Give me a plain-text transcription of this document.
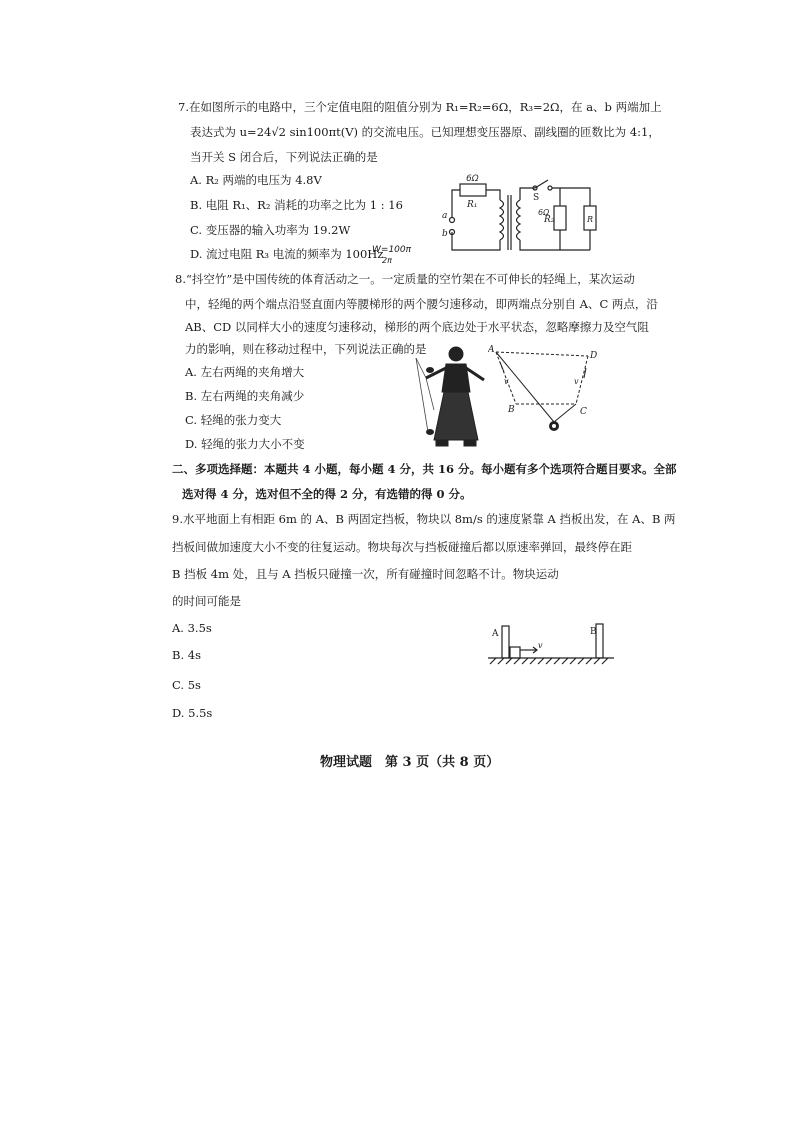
7.在如图所示的电路中，三个定值电阻的阻值分别为 R₁=R₂=6Ω，R₃=2Ω，在 a、b 两端加上
表达式为 u=24√2 sin100πt(V) 的交流电压。已知理想变压器原、副线圈的匝数比为 4:1，
当开关 S 闭合后，下列说法正确的是
A. R₂ 两端的电压为 4.8V
B. 电阻 R₁、R₂ 消耗的功率之比为 1 : 16
C. 变压器的输入功率为 19.2W
D. 流过电阻 R₃ 电流的频率为 100Hz
R₁
R₂	R
S
a
b
6Ω
6Ω
W=100π
2π
8.“抖空竹”是中国传统的体育活动之一。一定质量的空竹架在不可伸长的轻绳上，某次运动
中，轻绳的两个端点沿竖直面内等腰梯形的两个腰匀速移动，即两端点分别自 A、C 两点，沿
AB、CD 以同样大小的速度匀速移动，梯形的两个底边处于水平状态，忽略摩擦力及空气阻
力的影响，则在移动过程中，下列说法正确的是
A. 左右两绳的夹角增大
B. 左右两绳的夹角减少
C. 轻绳的张力变大
D. 轻绳的张力大小不变
A
D
B	C
v	v
二、多项选择题：本题共 4 小题，每小题 4 分，共 16 分。每小题有多个选项符合题目要求。全部
选对得 4 分，选对但不全的得 2 分，有选错的得 0 分。
9.水平地面上有相距 6m 的 A、B 两固定挡板，物块以 8m/s 的速度紧靠 A 挡板出发，在 A、B 两
挡板间做加速度大小不变的往复运动。物块每次与挡板碰撞后都以原速率弹回，最终停在距
B 挡板 4m 处，且与 A 挡板只碰撞一次，所有碰撞时间忽略不计。物块运动
的时间可能是
A. 3.5s
B. 4s
C. 5s
D. 5.5s
A	B
v
物理试题　第 3 页（共 8 页）
